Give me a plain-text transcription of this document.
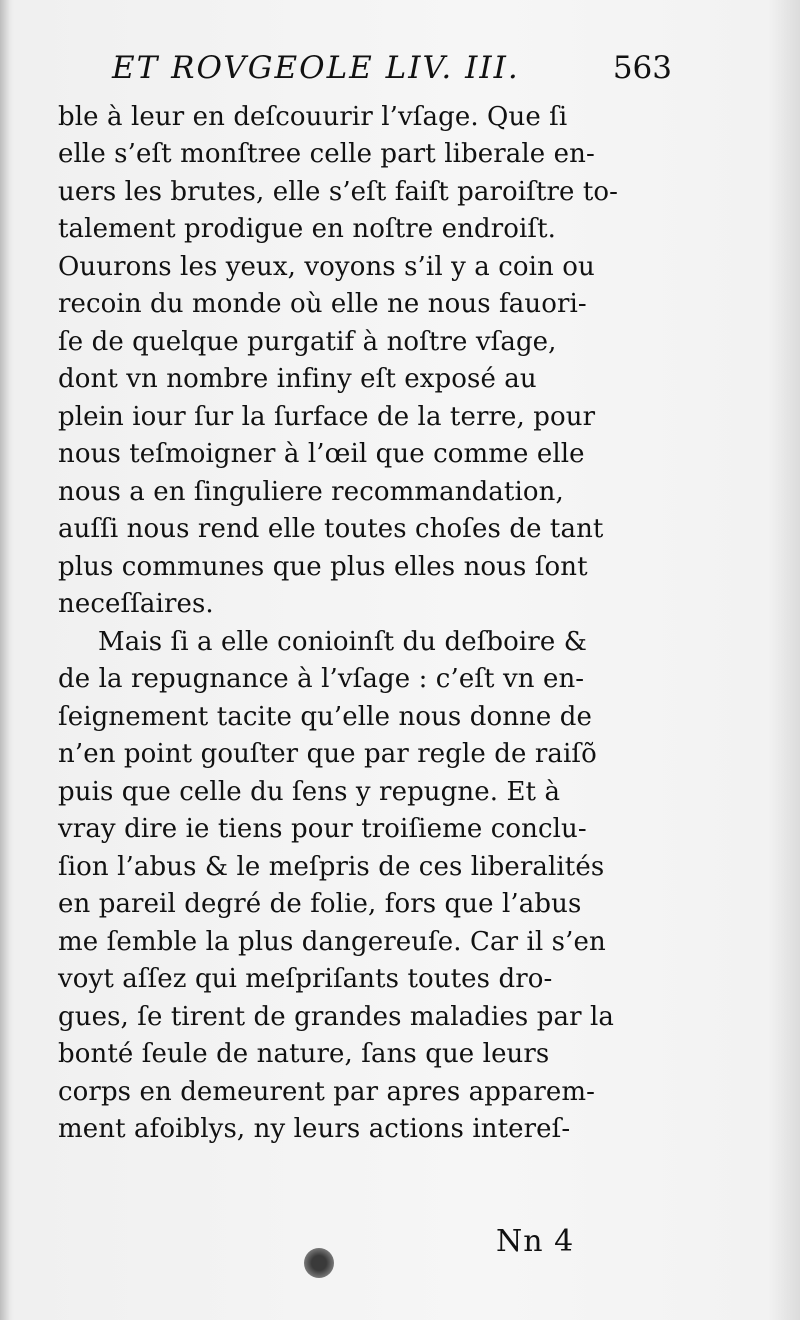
ET ROVGEOLE LIV. III.	563
ble à leur en deſcouurir l’vſage. Que ſi
elle s’eſt monſtree celle part liberale en-
uers les brutes, elle s’eſt faiſt paroiſtre to-
talement prodigue en noſtre endroiſt.
Ouurons les yeux, voyons s’il y a coin ou
recoin du monde où elle ne nous fauori-
ſe de quelque purgatif à noſtre vſage,
dont vn nombre infiny eſt exposé au
plein iour ſur la ſurface de la terre, pour
nous teſmoigner à l’œil que comme elle
nous a en ſinguliere recommandation,
auſſi nous rend elle toutes choſes de tant
plus communes que plus elles nous ſont
neceſſaires.
Mais ſi a elle conioinſt du deſboire &
de la repugnance à l’vſage : c’eſt vn en-
ſeignement tacite qu’elle nous donne de
n’en point gouſter que par regle de raiſõ
puis que celle du ſens y repugne. Et à
vray dire ie tiens pour troiſieme conclu-
ſion l’abus & le meſpris de ces liberalités
en pareil degré de folie, fors que l’abus
me ſemble la plus dangereuſe. Car il s’en
voyt aſſez qui meſpriſants toutes dro-
gues, ſe tirent de grandes maladies par la
bonté ſeule de nature, ſans que leurs
corps en demeurent par apres apparem-
ment afoiblys, ny leurs actions intereſ-
Nn 4
